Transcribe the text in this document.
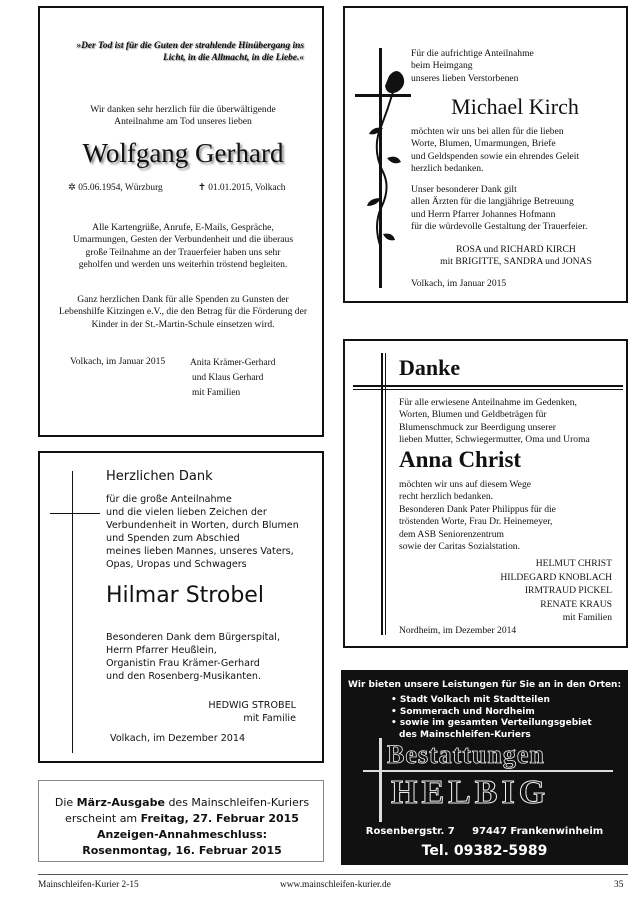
»Der Tod ist für die Guten der strahlende Hinübergang ins Licht, in die Allmacht, in die Liebe.«
Wir danken sehr herzlich für die überwältigende Anteilnahme am Tod unseres lieben
Wolfgang Gerhard
✲ 05.06.1954, Würzburg	✝ 01.01.2015, Volkach
Alle Kartengrüße, Anrufe, E-Mails, Gespräche, Umarmungen, Gesten der Verbundenheit und die überaus große Teilnahme an der Trauerfeier haben uns sehr geholfen und werden uns weiterhin tröstend begleiten.
Ganz herzlichen Dank für alle Spenden zu Gunsten der Lebenshilfe Kitzingen e.V., die den Betrag für die Förderung der Kinder in der St.-Martin-Schule einsetzen wird.
Volkach, im Januar 2015	Anita Krämer-Gerhard
und Klaus Gerhard
mit Familien
Für die aufrichtige Anteilnahme
beim Heimgang
unseres lieben Verstorbenen
Michael Kirch
möchten wir uns bei allen für die lieben
Worte, Blumen, Umarmungen, Briefe
und Geldspenden sowie ein ehrendes Geleit
herzlich bedanken.
Unser besonderer Dank gilt
allen Ärzten für die langjährige Betreuung
und Herrn Pfarrer Johannes Hofmann
für die würdevolle Gestaltung der Trauerfeier.
ROSA und RICHARD KIRCH
mit BRIGITTE, SANDRA und JONAS
Volkach, im Januar 2015
Danke
Für alle erwiesene Anteilnahme im Gedenken,
Worten, Blumen und Geldbeträgen für
Blumenschmuck zur Beerdigung unserer
lieben Mutter, Schwiegermutter, Oma und Uroma
Anna Christ
möchten wir uns auf diesem Wege
recht herzlich bedanken.
Besonderen Dank Pater Philippus für die
tröstenden Worte, Frau Dr. Heinemeyer,
dem ASB Seniorenzentrum
sowie der Caritas Sozialstation.
HELMUT CHRIST
HILDEGARD KNOBLACH
IRMTRAUD PICKEL
RENATE KRAUS
mit Familien
Nordheim, im Dezember 2014
Herzlichen Dank
für die große Anteilnahme
und die vielen lieben Zeichen der
Verbundenheit in Worten, durch Blumen
und Spenden zum Abschied
meines lieben Mannes, unseres Vaters,
Opas, Uropas und Schwagers
Hilmar Strobel
Besonderen Dank dem Bürgerspital,
Herrn Pfarrer Heußlein,
Organistin Frau Krämer-Gerhard
und den Rosenberg-Musikanten.
HEDWIG STROBEL
mit Familie
Volkach, im Dezember 2014
Die März-Ausgabe des Mainschleifen-Kuriers
erscheint am Freitag, 27. Februar 2015
Anzeigen-Annahmeschluss:
Rosenmontag, 16. Februar 2015
Wir bieten unsere Leistungen für Sie an in den Orten:
• Stadt Volkach mit Stadtteilen
• Sommerach und Nordheim
• sowie im gesamten Verteilungsgebiet
des Mainschleifen-Kuriers
Bestattungen
HELBIG
Rosenbergstr. 7     97447 Frankenwinheim
Tel. 09382-5989
Mainschleifen-Kurier 2-15	www.mainschleifen-kurier.de	35
